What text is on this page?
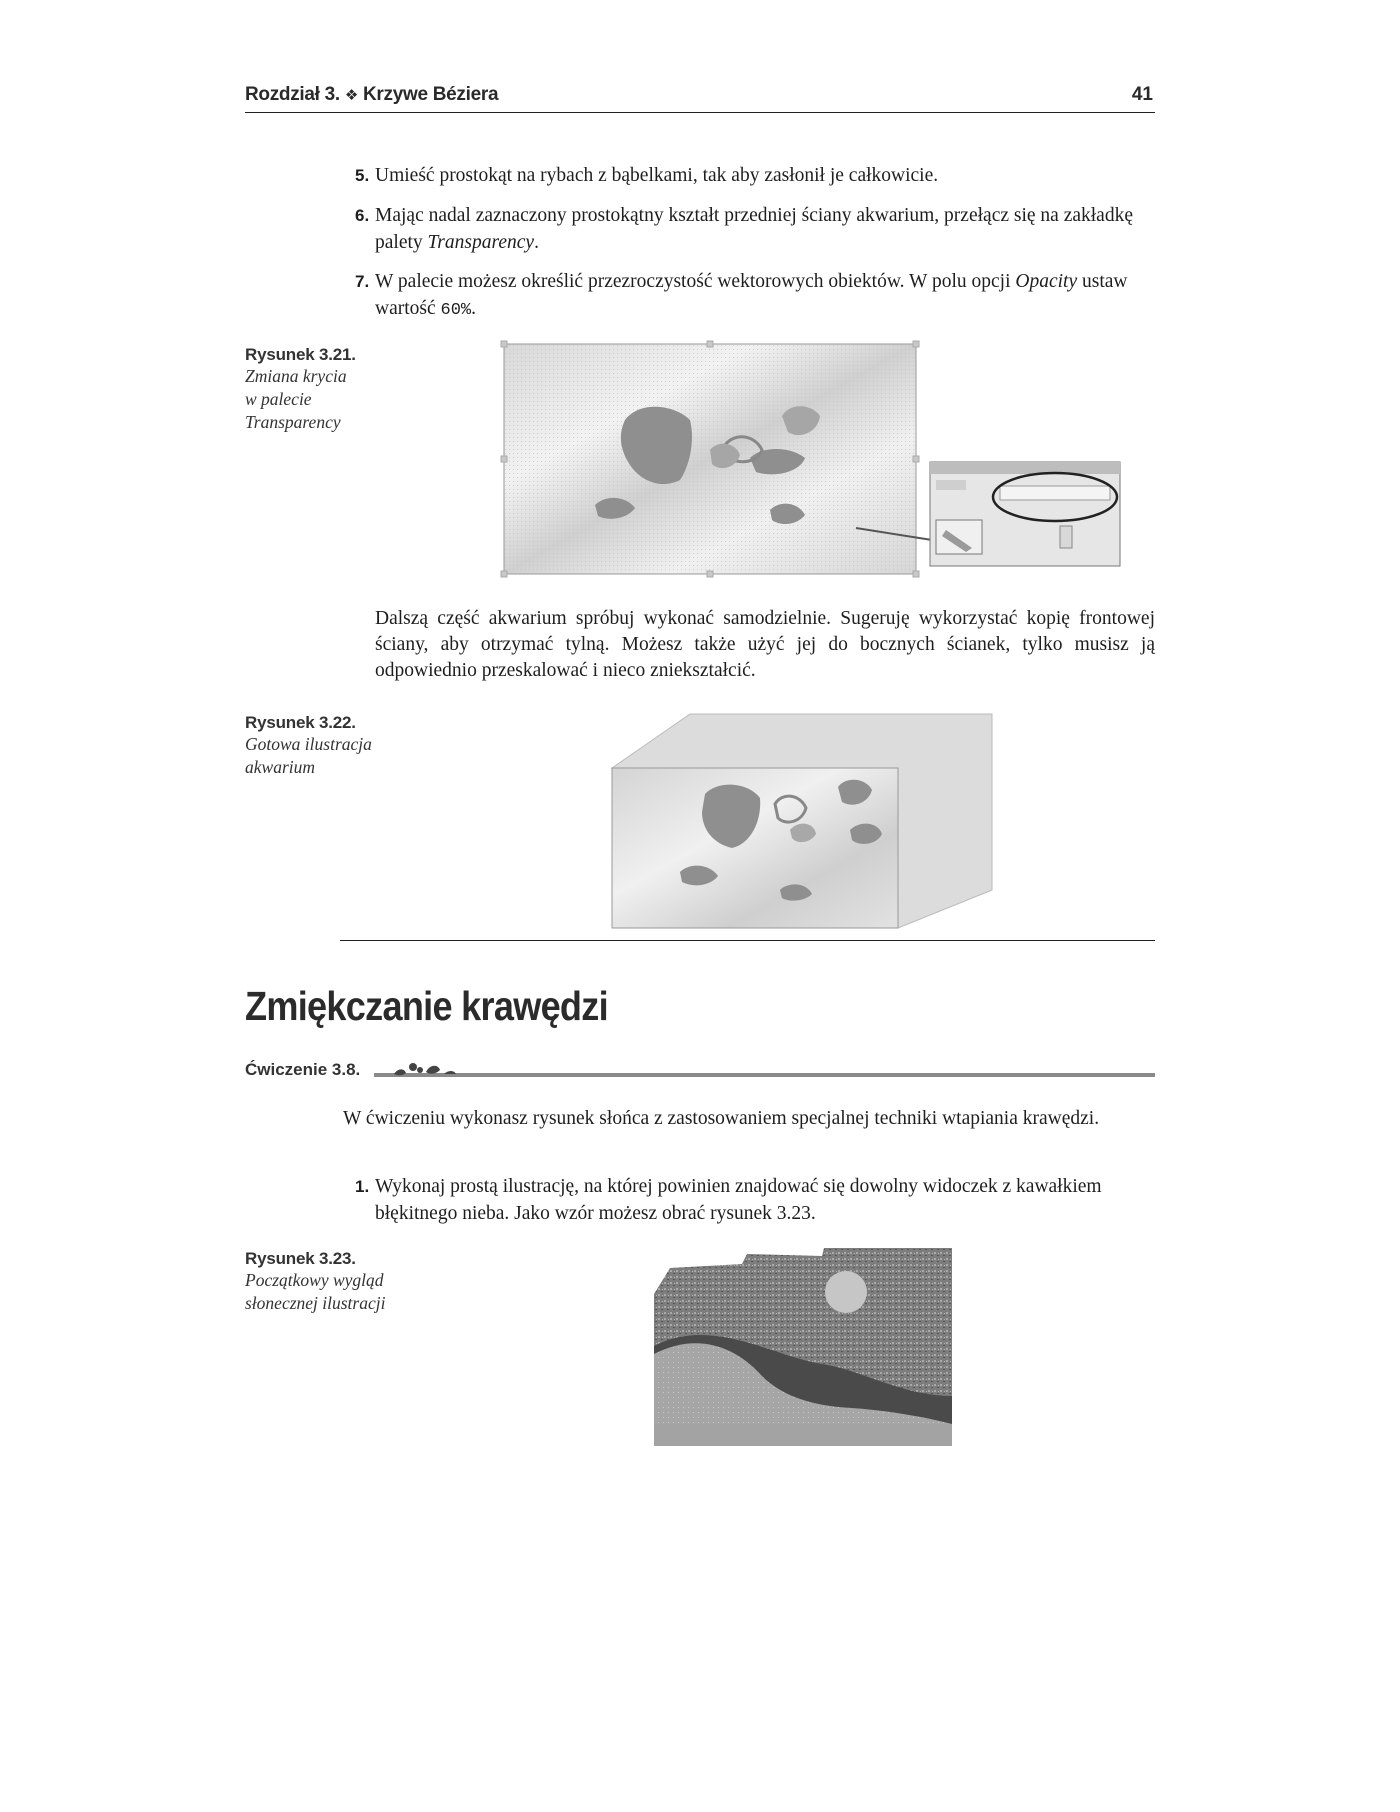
Rozdział 3. ❖ Krzywe Béziera	41
5. Umieść prostokąt na rybach z bąbelkami, tak aby zasłonił je całkowicie.
6. Mając nadal zaznaczony prostokątny kształt przedniej ściany akwarium, przełącz się na zakładkę palety Transparency.
7. W palecie możesz określić przezroczystość wektorowych obiektów. W polu opcji Opacity ustaw wartość 60%.
Rysunek 3.21.
Zmiana krycia
w palecie
Transparency
Dalszą część akwarium spróbuj wykonać samodzielnie. Sugeruję wykorzystać kopię frontowej ściany, aby otrzymać tylną. Możesz także użyć jej do bocznych ścianek, tylko musisz ją odpowiednio przeskalować i nieco zniekształcić.
Rysunek 3.22.
Gotowa ilustracja
akwarium
Zmiękczanie krawędzi
Ćwiczenie 3.8.
W ćwiczeniu wykonasz rysunek słońca z zastosowaniem specjalnej techniki wtapiania krawędzi.
1. Wykonaj prostą ilustrację, na której powinien znajdować się dowolny widoczek z kawałkiem błękitnego nieba. Jako wzór możesz obrać rysunek 3.23.
Rysunek 3.23.
Początkowy wygląd
słonecznej ilustracji
